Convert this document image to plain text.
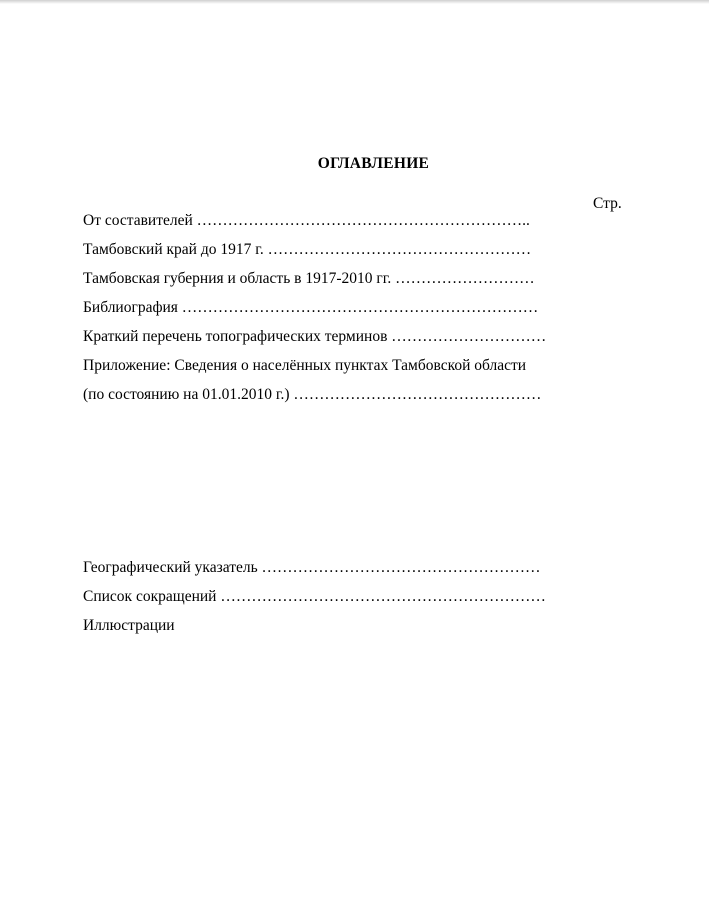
ОГЛАВЛЕНИЕ
Стр.
От составителей ………………………………………………………..
Тамбовский край до 1917 г. ……………………………………………
Тамбовская губерния и область в 1917-2010 гг. ………………………
Библиография ……………………………………………………………
Краткий перечень топографических терминов …………………………
Приложение: Сведения о населённых пунктах Тамбовской области
(по состоянию на 01.01.2010 г.) …………………………………………
Географический указатель ………………………………………………
Список сокращений ………………………………………………………
Иллюстрации
